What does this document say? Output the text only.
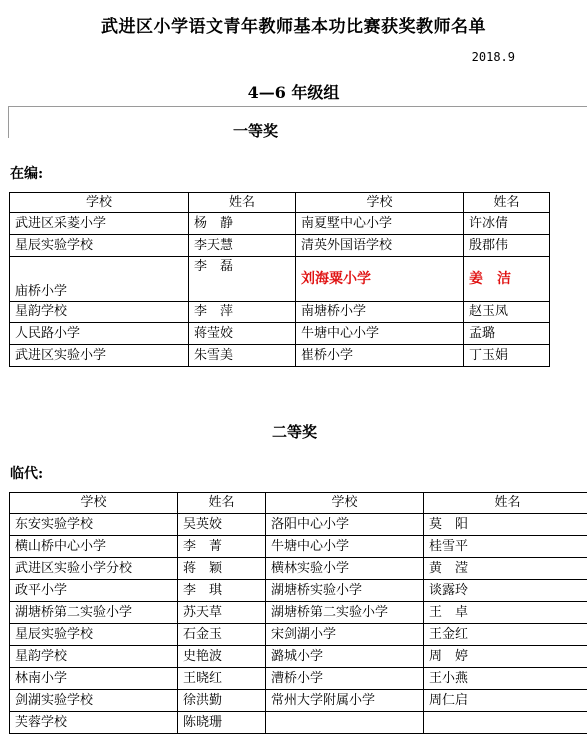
武进区小学语文青年教师基本功比赛获奖教师名单
2018.9
4—6 年级组
一等奖
在编:
学校	姓名	学校	姓名
武进区采菱小学	杨　静	南夏墅中心小学	许冰倩
星辰实验学校	李天慧	清英外国语学校	殷郡伟
庙桥小学	李　磊	刘海粟小学	姜　洁
星韵学校	李　萍	南塘桥小学	赵玉凤
人民路小学	蒋莹姣	牛塘中心小学	孟璐
武进区实验小学	朱雪美	崔桥小学	丁玉娟
二等奖
临代:
学校	姓名	学校	姓名
东安实验学校	吴英姣	洛阳中心小学	莫　阳
横山桥中心小学	李　菁	牛塘中心小学	桂雪平
武进区实验小学分校	蒋　颖	横林实验小学	黄　滢
政平小学	李　琪	湖塘桥实验小学	谈露玲
湖塘桥第二实验小学	苏天草	湖塘桥第二实验小学	王　卓
星辰实验学校	石金玉	宋剑湖小学	王金红
星韵学校	史艳波	潞城小学	周　婷
林南小学	王晓红	漕桥小学	王小燕
剑湖实验学校	徐洪勤	常州大学附属小学	周仁启
芙蓉学校	陈晓珊		
